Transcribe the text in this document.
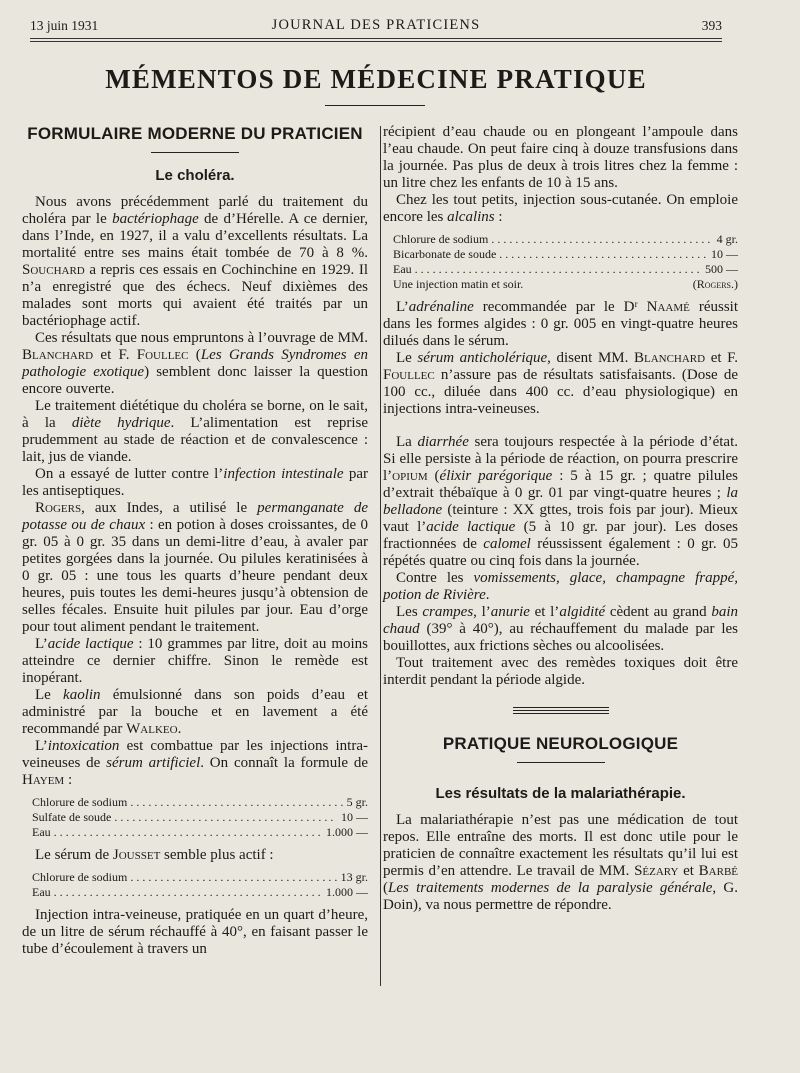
13 juin 1931	JOURNAL DES PRATICIENS	393
MÉMENTOS DE MÉDECINE PRATIQUE
FORMULAIRE MODERNE DU PRATICIEN
Le choléra.

Nous avons précédemment parlé du traitement du choléra par le bactériophage de d’Hérelle. A ce dernier, dans l’Inde, en 1927, il a valu d’excellents résultats. La mortalité entre ses mains était tombée de 70 à 8 %. Souchard a repris ces essais en Cochinchine en 1929. Il n’a enregistré que des échecs. Neuf dixièmes des malades sont morts qui avaient été traités par un bactériophage actif.

Ces résultats que nous empruntons à l’ouvrage de MM. Blanchard et F. Foullec (Les Grands Syndromes en pathologie exotique) semblent donc laisser la question encore ouverte.

Le traitement diététique du choléra se borne, on le sait, à la diète hydrique. L’alimentation est reprise prudemment au stade de réaction et de convalescence : lait, jus de viande.

On a essayé de lutter contre l’infection intestinale par les antiseptiques.

Rogers, aux Indes, a utilisé le permanganate de potasse ou de chaux : en potion à doses croissantes, de 0 gr. 05 à 0 gr. 35 dans un demi-litre d’eau, à avaler par petites gorgées dans la journée. Ou pilules keratinisées à 0 gr. 05 : une tous les quarts d’heure pendant deux heures, puis toutes les demi-heures jusqu’à obtension de selles fécales. Ensuite huit pilules par jour. Eau d’orge pour tout aliment pendant le traitement.

L’acide lactique : 10 grammes par litre, doit au moins atteindre ce dernier chiffre. Sinon le remède est inopérant.

Le kaolin émulsionné dans son poids d’eau et administré par la bouche et en lavement a été recommandé par Walkeo.

L’intoxication est combattue par les injections intra-veineuses de sérum artificiel. On connaît la formule de Hayem :

Chlorure de sodium . . .	5 gr.
Sulfate de soude . . .	10 —
Eau . . .	1.000 —

Le sérum de Jousset semble plus actif :

Chlorure de sodium . . .	13 gr.
Eau . . .	1.000 —

Injection intra-veineuse, pratiquée en un quart d’heure, de un litre de sérum réchauffé à 40°, en faisant passer le tube d’écoulement à travers un

récipient d’eau chaude ou en plongeant l’ampoule dans l’eau chaude. On peut faire cinq à douze transfusions dans la journée. Pas plus de deux à trois litres chez la femme : un litre chez les enfants de 10 à 15 ans.

Chez les tout petits, injection sous-cutanée. On emploie encore les alcalins :

Chlorure de sodium . . .	4 gr.
Bicarbonate de soude . . .	10 —
Eau . . .	500 —
Une injection matin et soir.	(Rogers.)

L’adrénaline recommandée par le Dʳ Naamé réussit dans les formes algides : 0 gr. 005 en vingt-quatre heures dilués dans le sérum.

Le sérum anticholérique, disent MM. Blanchard et F. Foullec n’assure pas de résultats satisfaisants. (Dose de 100 cc., diluée dans 400 cc. d’eau physiologique) en injections intra-veineuses.

La diarrhée sera toujours respectée à la période d’état. Si elle persiste à la période de réaction, on pourra prescrire l’opium (élixir parégorique : 5 à 15 gr. ; quatre pilules d’extrait thébaïque à 0 gr. 01 par vingt-quatre heures ; la belladone (teinture : XX gttes, trois fois par jour). Mieux vaut l’acide lactique (5 à 10 gr. par jour). Les doses fractionnées de calomel réussissent également : 0 gr. 05 répétés quatre ou cinq fois dans la journée.

Contre les vomissements, glace, champagne frappé, potion de Rivière.

Les crampes, l’anurie et l’algidité cèdent au grand bain chaud (39° à 40°), au réchauffement du malade par les bouillottes, aux frictions sèches ou alcoolisées.

Tout traitement avec des remèdes toxiques doit être interdit pendant la période algide.

PRATIQUE NEUROLOGIQUE
Les résultats de la malariathérapie.

La malariathérapie n’est pas une médication de tout repos. Elle entraîne des morts. Il est donc utile pour le praticien de connaître exactement les résultats qu’il lui est permis d’en attendre. Le travail de MM. Sézary et Barbé (Les traitements modernes de la paralysie générale, G. Doin), va nous permettre de répondre.
